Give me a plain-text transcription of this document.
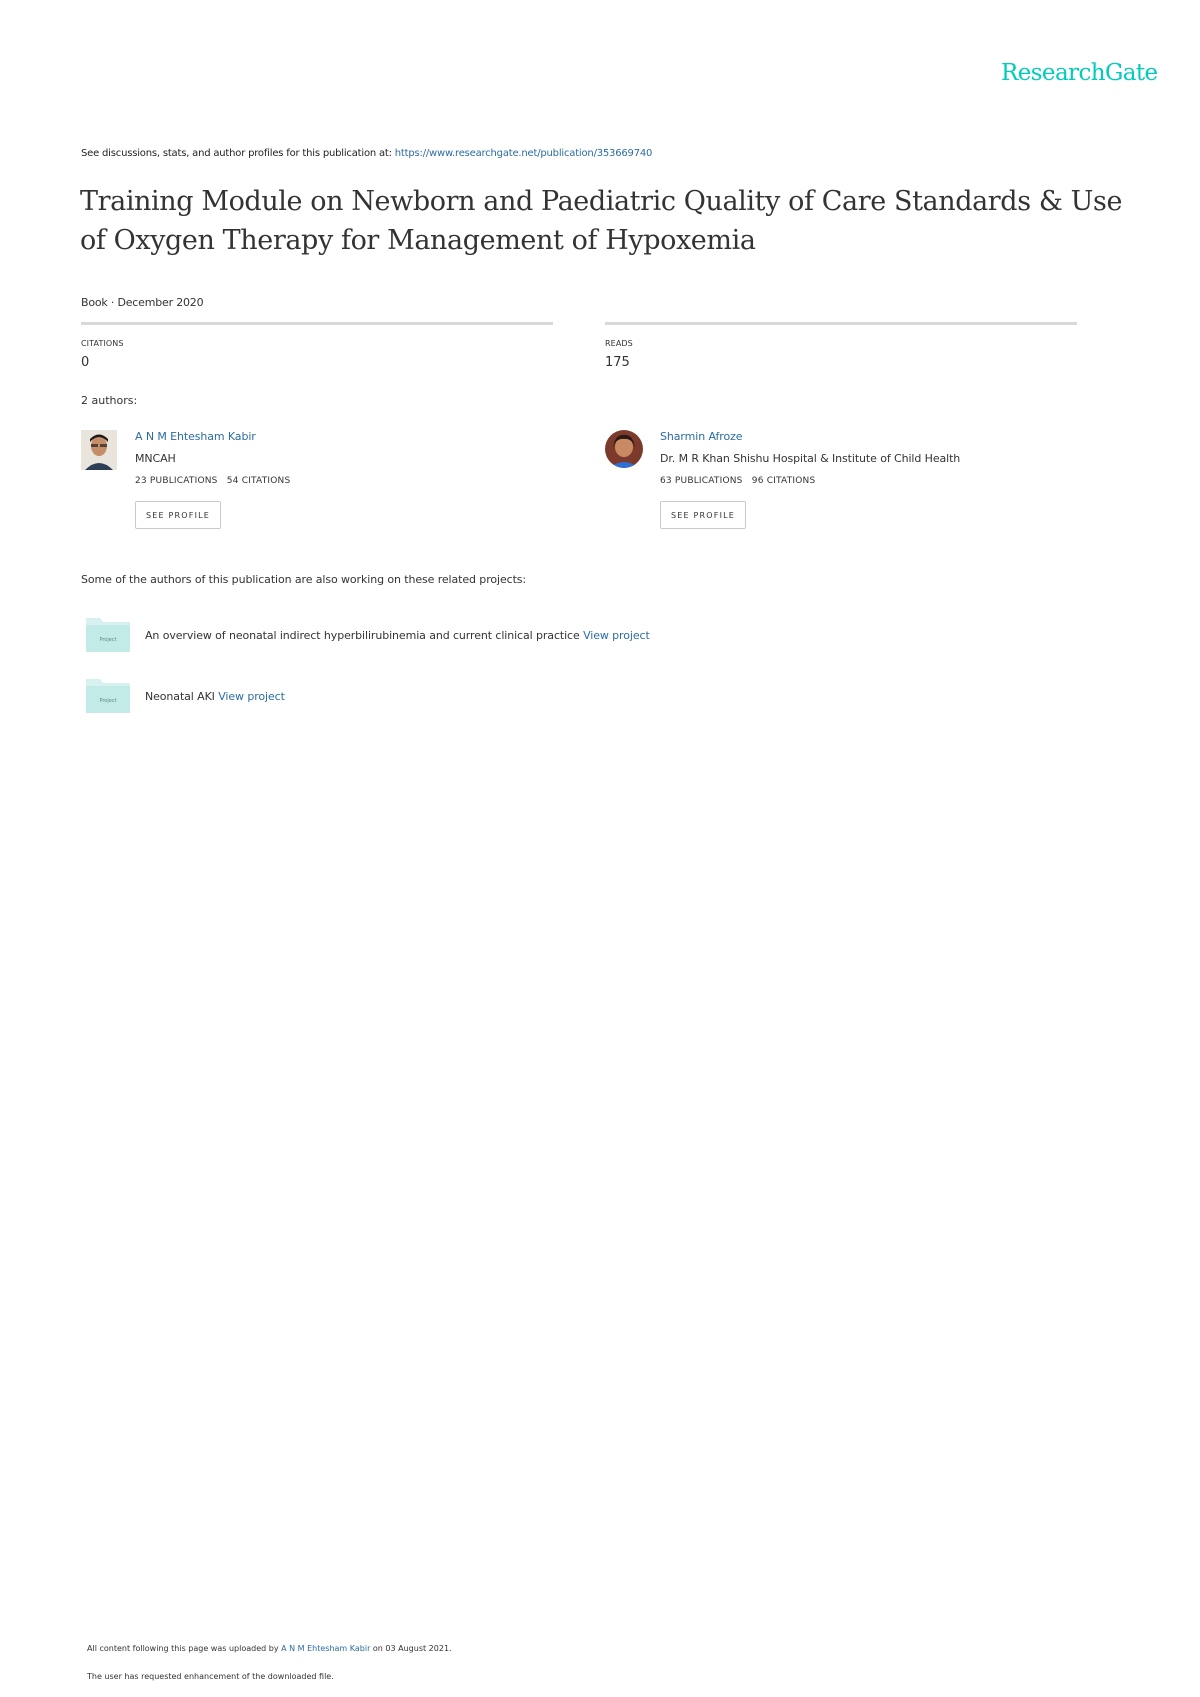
ResearchGate
See discussions, stats, and author profiles for this publication at: https://www.researchgate.net/publication/353669740
Training Module on Newborn and Paediatric Quality of Care Standards & Use of Oxygen Therapy for Management of Hypoxemia
Book · December 2020
CITATIONS
0
READS
175
2 authors:
A N M Ehtesham Kabir
MNCAH
23 PUBLICATIONS 54 CITATIONS
SEE PROFILE
Sharmin Afroze
Dr. M R Khan Shishu Hospital & Institute of Child Health
63 PUBLICATIONS 96 CITATIONS
SEE PROFILE
Some of the authors of this publication are also working on these related projects:
Project	An overview of neonatal indirect hyperbilirubinemia and current clinical practice View project
Project	Neonatal AKI View project
All content following this page was uploaded by A N M Ehtesham Kabir on 03 August 2021.
The user has requested enhancement of the downloaded file.
